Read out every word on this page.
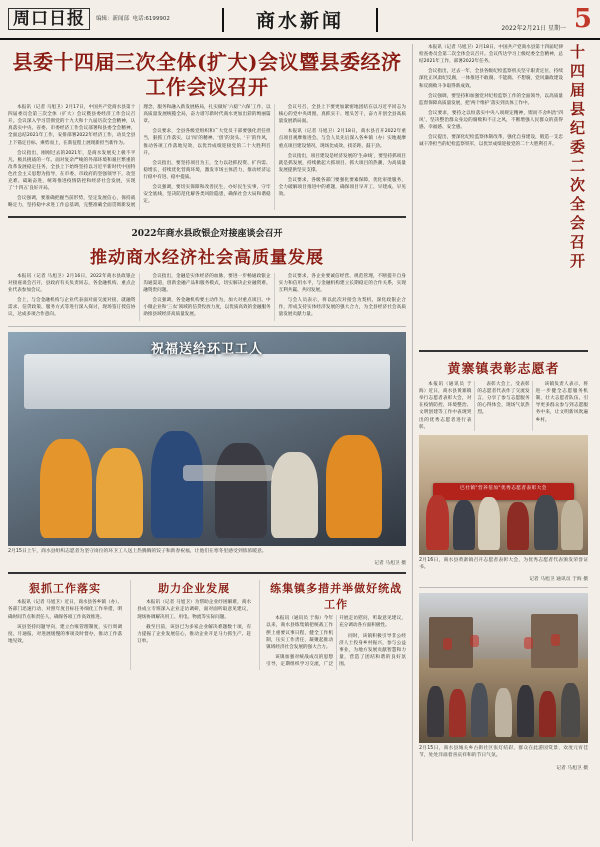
周口日报	编辑：新闻部  电话:6199902	商水新闻	2022年2月21日 星期一 5
县委十四届三次全体(扩大)会议暨县委经济工作会议召开

本报讯（记者 马旭卫）2月17日，中国共产党商水县第十四届委员会第三次全体（扩大）会议暨县委经济工作会议召开。会议深入学习贯彻党的十九大和十九届历次全会精神，认真落实中央、省委、市委经济工作会议部署和县委全会精神，全面总结2021年工作，安排部署2022年经济工作，动员全县上下锚定目标、乘势而上，在新征程上展现新担当新作为。

会议指出，刚刚过去的2021年，是商水发展史上极不平凡、极具挑战的一年。面对复杂严峻的外部环境和艰巨繁重的改革发展稳定任务，全县上下始终坚持以习近平新时代中国特色社会主义思想为指导，在市委、市政府的坚强领导下，攻坚克难、砥砺奋进，统筹推进疫情防控和经济社会发展，实现了‘十四五’良好开局。

会议强调，要准确把握当前形势，坚定发展信心，保持战略定力，坚持稳中求进工作总基调，完整准确全面贯彻新发展理念，服务和融入新发展格局，扎实做好‘六稳’‘六保’工作，以高质量发展统揽全局，奋力谱写新时代商水更加出彩的绚丽篇章。

会议要求，全县各级党组织和广大党员干部要强化责任担当，狠抓工作落实，以‘闯’的精神、‘创’的劲头、‘干’的作风，推动各项工作落地见效，以优异成绩迎接党的二十大胜利召开。

会议指出，要坚持项目为王，全力以赴抓投资、扩内需、稳增长，持续优化营商环境，激发市场主体活力，推动经济运行稳中有进、稳中提质。

会议强调，要切实保障和改善民生，办好民生实事，守牢安全底线，坚决防范化解各类风险隐患，确保社会大局和谐稳定。

会议号召，全县上下要更加紧密地团结在以习近平同志为核心的党中央周围，真抓实干、埋头苦干，奋力开创全县高质量发展新局面。

本报讯（记者 马旭卫）2月18日，商水县召开2022年重点项目观摩推进会。与会人员先后深入各乡镇（办）实地观摩重点项目建设情况，现场比成效、找差距、鼓干劲。

会议指出，项目建设是经济发展的‘生命线’，要坚持抓项目就是抓发展，持续掀起大抓项目、抓大项目的热潮，为高质量发展提供坚实支撑。

会议要求，各级各部门要强化要素保障，优化审批服务，全力破解项目推进中的难题，确保项目早开工、早建成、早见效。

2022年商水县政银企对接座谈会召开
推动商水经济社会高质量发展

本报讯（记者 马旭卫）2月16日，2022年商水县政银企对接座谈会召开，县政府有关负责同志，各金融机构、重点企业代表参加会议。

会上，与会金融机构与企业代表面对面交流对接，就融资需求、信贷政策、服务方式等进行深入探讨，现场签订授信协议，达成多项合作意向。

会议指出，金融是实体经济的血脉，要进一步畅通政银企沟通渠道，创新金融产品和服务模式，切实解决企业融资难、融资贵问题。

会议强调，各金融机构要主动作为，加大对重点项目、中小微企业和‘三农’领域的信贷投放力度，以优质高效的金融服务助推县域经济高质量发展。

会议要求，各企业要诚信经营、规范管理，不断提升自身实力和信用水平，与金融机构建立长期稳定的合作关系，实现互利共赢、共同发展。

与会人员表示，将以此次对接会为契机，深化政银企合作，形成支持实体经济发展的强大合力，为全县经济社会高质量发展贡献力量。

祝福送给环卫工人
2月15日上午，商水县组织志愿者为坚守岗位的环卫工人送上热腾腾的饺子和新春祝福，让他们在寒冬里感受到浓浓暖意。
记者 马旭卫 摄
狠抓工作落实

本报讯（记者 马旭卫）近日，商水县各乡镇（办）、各部门迅速行动，对照年度目标任务细化工作举措，明确时间节点和责任人，确保各项工作高效推进。

该县坚持问题导向，建立台账管理制度，实行周调度、月通报，对进展缓慢的事项及时督办，推动工作落地见效。

助力企业发展

本报讯（记者 马旭卫）为帮助企业纾困解难，商水县成立专班深入企业走访调研，面对面听取意见建议，现场协调解决用工、用电、物流等实际问题。

截至目前，该县已为多家企业解决难题数十项，有力提振了企业发展信心，推动企业开足马力抓生产、赶订单。

练集镇多措并举做好统战工作

本报讯（通讯员 于海）今年以来，商水县练集镇把统战工作摆上重要议事日程，健全工作机制，压实工作责任，凝聚起推动镇域经济社会发展的强大合力。

该镇加强对统战成员的思想引导，定期组织学习交流，广泛开展走访慰问，听取意见建议，充分调动各方面积极性。

同时，该镇积极引导非公经济人士投身乡村振兴，参与公益事业，为地方发展贡献智慧和力量，营造了团结和谐的良好氛围。

本报讯（记者 马旭卫）2月18日，中国共产党商水县第十四届纪律检查委员会第二次全体会议召开。会议传达学习上级纪委全会精神，总结2021年工作，部署2022年任务。

会议指出，过去一年，全县各级纪检监察机关坚守职责定位，持续深化正风肃纪反腐，一体推进不敢腐、不能腐、不想腐，党风廉政建设和反腐败斗争取得新成效。

会议强调，要坚持和加强党对纪检监察工作的全面领导，以高质量监督保障高质量发展，把‘两个维护’落实到具体工作中。

会议要求，要持之以恒落实中央八项规定精神，锲而不舍纠治‘四风’，坚决整治群众身边的腐败和不正之风，不断增强人民群众的获得感、幸福感、安全感。

会议提出，要深化纪检监察体制改革，强化自身建设，锻造一支忠诚干净担当的纪检监察铁军，以优异成绩迎接党的二十大胜利召开。 十四届县纪委二次全会召开
黄寨镇表彰志愿者

本报讯（通讯员 于海）近日，商水县黄寨镇举行志愿者表彰大会，对在疫情防控、环境整治、文明创建等工作中表现突出的优秀志愿者进行表彰。

表彰大会上，受表彰的志愿者代表作了交流发言，分享了参与志愿服务的心得体会，现场气氛热烈。

该镇负责人表示，将进一步健全志愿服务机制，壮大志愿者队伍，引导更多群众参与到志愿服务中来，让文明新风吹遍乡村。

巴社镇"营养倍加"优秀志愿者表彰大会
2月16日，商水县黄寨镇召开志愿者表彰大会，为优秀志愿者代表颁发荣誉证书。
记者 马旭卫 通讯员 于海 摄
2月15日，商水县城关乡古街社区张灯结彩，群众在此游园赏景、欢度元宵佳节，处处洋溢着喜庆祥和的节日气氛。
记者 马旭卫 摄
